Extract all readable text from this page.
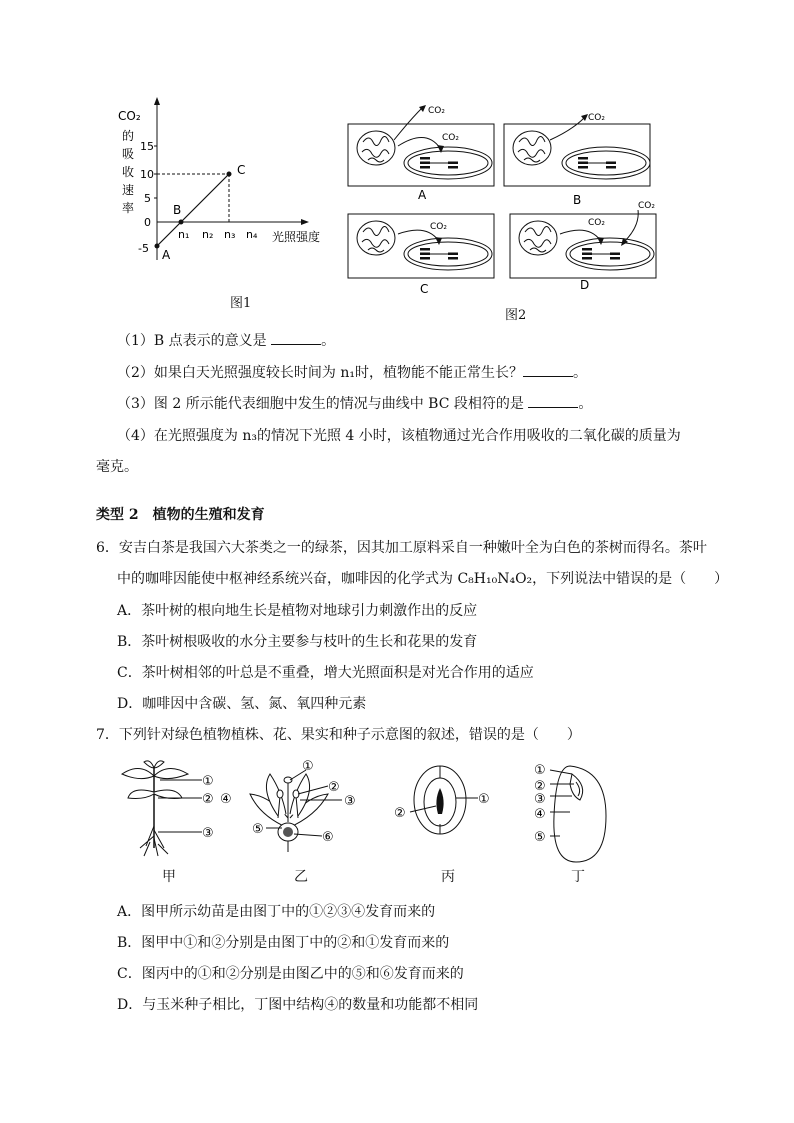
CO₂
的
吸
收
速
率
15
10
5
0
-5
n₁ n₂ n₃ n₄ 光照强度
A
B
C
图1
CO₂
CO₂
A
CO₂
B
CO₂
C
CO₂
CO₂
D
图2
（1）B 点表示的意义是	。
（2）如果白天光照强度较长时间为 n₁时，植物能不能正常生长？	。
（3）图 2 所示能代表细胞中发生的情况与曲线中 BC 段相符的是	。
（4）在光照强度为 n₃的情况下光照 4 小时，该植物通过光合作用吸收的二氧化碳的质量为
毫克。
类型 2　植物的生殖和发育
6．安吉白茶是我国六大茶类之一的绿茶，因其加工原料采自一种嫩叶全为白色的茶树而得名。茶叶
中的咖啡因能使中枢神经系统兴奋，咖啡因的化学式为 C₈H₁₀N₄O₂，下列说法中错误的是（　　）
A．茶叶树的根向地生长是植物对地球引力刺激作出的反应
B．茶叶树根吸收的水分主要参与枝叶的生长和花果的发育
C．茶叶树相邻的叶总是不重叠，增大光照面积是对光合作用的适应
D．咖啡因中含碳、氢、氮、氧四种元素
7．下列针对绿色植物植株、花、果实和种子示意图的叙述，错误的是（　　）
①
② ④
③
①
②
③
⑤
⑥
①
②
①
②
③
④
⑤
甲	乙	丙	丁
A．图甲所示幼苗是由图丁中的①②③④发育而来的
B．图甲中①和②分别是由图丁中的②和①发育而来的
C．图丙中的①和②分别是由图乙中的⑤和⑥发育而来的
D．与玉米种子相比，丁图中结构④的数量和功能都不相同
